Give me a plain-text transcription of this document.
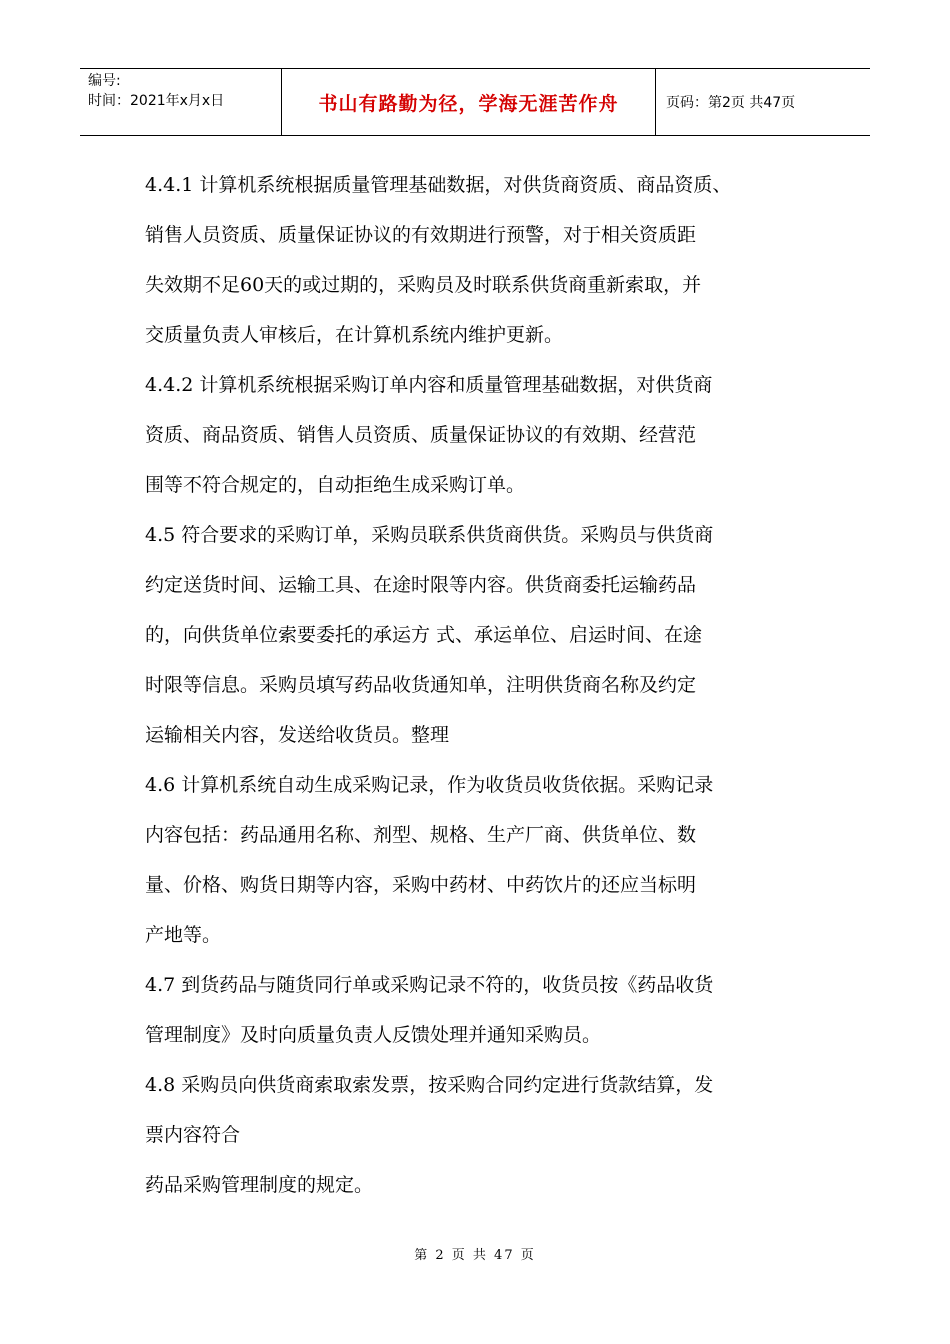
编号:
时间：2021年x月x日	书山有路勤为径，学海无涯苦作舟	页码：第2页 共47页
4.4.1 计算机系统根据质量管理基础数据，对供货商资质、商品资质、
销售人员资质、质量保证协议的有效期进行预警，对于相关资质距
失效期不足60天的或过期的，采购员及时联系供货商重新索取，并
交质量负责人审核后，在计算机系统内维护更新。
4.4.2 计算机系统根据采购订单内容和质量管理基础数据，对供货商
资质、商品资质、销售人员资质、质量保证协议的有效期、经营范
围等不符合规定的，自动拒绝生成采购订单。
4.5 符合要求的采购订单，采购员联系供货商供货。采购员与供货商
约定送货时间、运输工具、在途时限等内容。供货商委托运输药品
的，向供货单位索要委托的承运方 式、承运单位、启运时间、在途
时限等信息。采购员填写药品收货通知单，注明供货商名称及约定
运输相关内容，发送给收货员。整理
4.6 计算机系统自动生成采购记录，作为收货员收货依据。采购记录
内容包括：药品通用名称、剂型、规格、生产厂商、供货单位、数
量、价格、购货日期等内容，采购中药材、中药饮片的还应当标明
产地等。
4.7 到货药品与随货同行单或采购记录不符的，收货员按《药品收货
管理制度》及时向质量负责人反馈处理并通知采购员。
4.8 采购员向供货商索取索发票，按采购合同约定进行货款结算，发
票内容符合
药品采购管理制度的规定。
第 2 页 共 47 页
